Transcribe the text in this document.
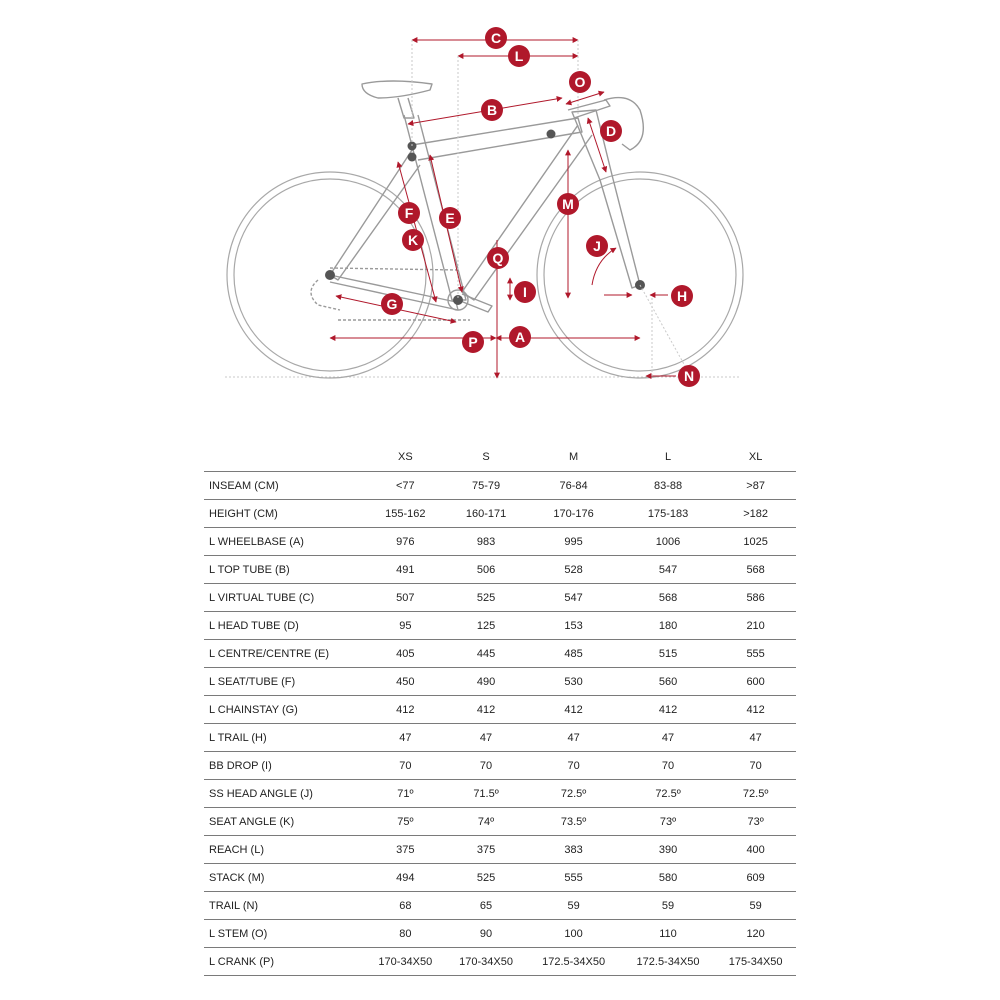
C
L
O
B
D
M
F E
K	J
Q
I	H
G
A
P
N
	XS	S	M	L	XL
INSEAM (CM)	<77	75-79	76-84	83-88	>87
HEIGHT (CM)	155-162	160-171	170-176	175-183	>182
L WHEELBASE (A)	976	983	995	1006	1025
L TOP TUBE (B)	491	506	528	547	568
L VIRTUAL TUBE (C)	507	525	547	568	586
L HEAD TUBE (D)	95	125	153	180	210
L CENTRE/CENTRE (E)	405	445	485	515	555
L SEAT/TUBE (F)	450	490	530	560	600
L CHAINSTAY (G)	412	412	412	412	412
L TRAIL (H)	47	47	47	47	47
BB DROP (I)	70	70	70	70	70
SS HEAD ANGLE (J)	71º	71.5º	72.5º	72.5º	72.5º
SEAT ANGLE (K)	75º	74º	73.5º	73º	73º
REACH (L)	375	375	383	390	400
STACK (M)	494	525	555	580	609
TRAIL (N)	68	65	59	59	59
L STEM (O)	80	90	100	110	120
L CRANK (P)	170-34X50	170-34X50	172.5-34X50	172.5-34X50	175-34X50
